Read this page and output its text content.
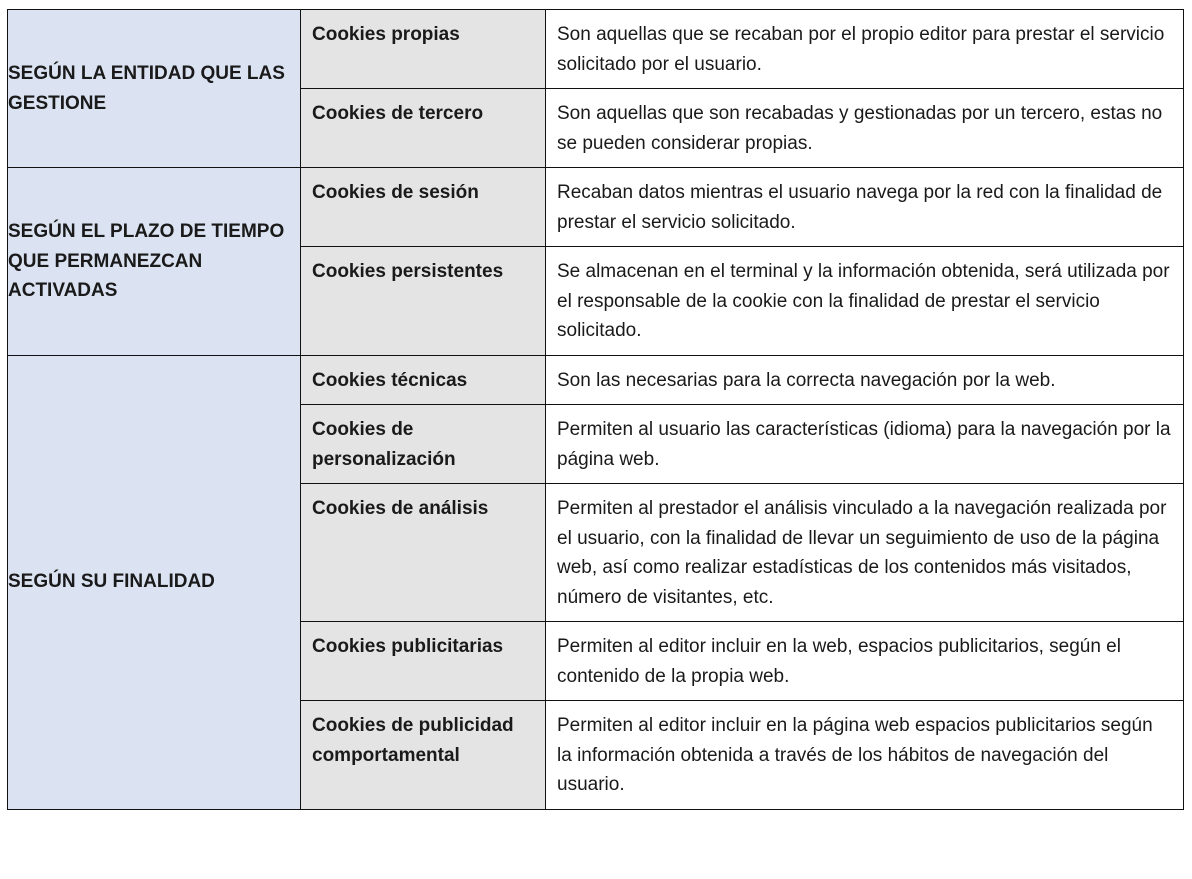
SEGÚN LA ENTIDAD QUE LAS GESTIONE	Cookies propias	Son aquellas que se recaban por el propio editor para prestar el servicio solicitado por el usuario.

	Cookies de tercero	Son aquellas que son recabadas y gestionadas por un tercero, estas no se pueden considerar propias.

SEGÚN EL PLAZO DE TIEMPO QUE PERMANEZCAN ACTIVADAS	Cookies de sesión	Recaban datos mientras el usuario navega por la red con la finalidad de prestar el servicio solicitado.

	Cookies persistentes	Se almacenan en el terminal y la información obtenida, será utilizada por el responsable de la cookie con la finalidad de prestar el servicio solicitado.

SEGÚN SU FINALIDAD	Cookies técnicas	Son las necesarias para la correcta navegación por la web.

	Cookies de personalización	Permiten al usuario las características (idioma) para la navegación por la página web.

	Cookies de análisis	Permiten al prestador el análisis vinculado a la navegación realizada por el usuario, con la finalidad de llevar un seguimiento de uso de la página web, así como realizar estadísticas de los contenidos más visitados, número de visitantes, etc.

	Cookies publicitarias	Permiten al editor incluir en la web, espacios publicitarios, según el contenido de la propia web.

	Cookies de publicidad comportamental	Permiten al editor incluir en la página web espacios publicitarios según la información obtenida a través de los hábitos de navegación del usuario.
